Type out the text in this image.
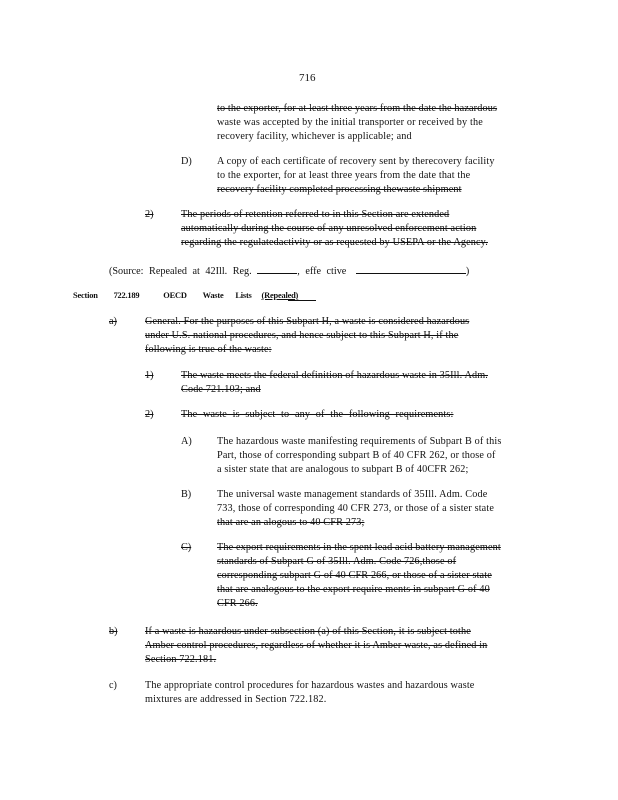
716
to the exporter, for at least three years from the date the hazardous
waste was accepted by the initial transporter or received by the
recovery facility, whichever is applicable; and
D) A copy of each certificate of recovery sent by therecovery facility
to the exporter, for at least three years from the date that the
recovery facility completed processing thewaste shipment
2)	The periods of retention referred to in this Section are extended
automatically during the course of any unresolved enforcement action
regarding the regulatedactivity or as requested by USEPA or the Agency.
(Source: Repealed at 42Ill. Reg.	, effe ctive	)
Section 722.189	OECD Waste Lists (Repealed)
a)	General. For the purposes of this Subpart H, a waste is considered hazardous
under U.S. national procedures, and hence subject to this Subpart H, if the
following is true of the waste:
1)	The waste meets the federal definition of hazardous waste in 35Ill. Adm.
Code 721.103; and
2)	The waste is subject to any of the following requirements:
A) The hazardous waste manifesting requirements of Subpart B of this
Part, those of corresponding subpart B of 40 CFR 262, or those of
a sister state that are analogous to subpart B of 40CFR 262;
B)	The universal waste management standards of 35Ill. Adm. Code
733, those of corresponding 40 CFR 273, or those of a sister state
that are an alogous to 40 CFR 273;
C)	The export requirements in the spent lead acid battery management
standards of Subpart G of 35Ill. Adm. Code 726,those of
corresponding subpart G of 40 CFR 266, or those of a sister state
that are analogous to the export require ments in subpart G of 40
CFR 266.
b)	If a waste is hazardous under subsection (a) of this Section, it is subject tothe
Amber control procedures, regardless of whether it is Amber waste, as defined in
Section 722.181.
c)	The appropriate control procedures for hazardous wastes and hazardous waste
mixtures are addressed in Section 722.182.
